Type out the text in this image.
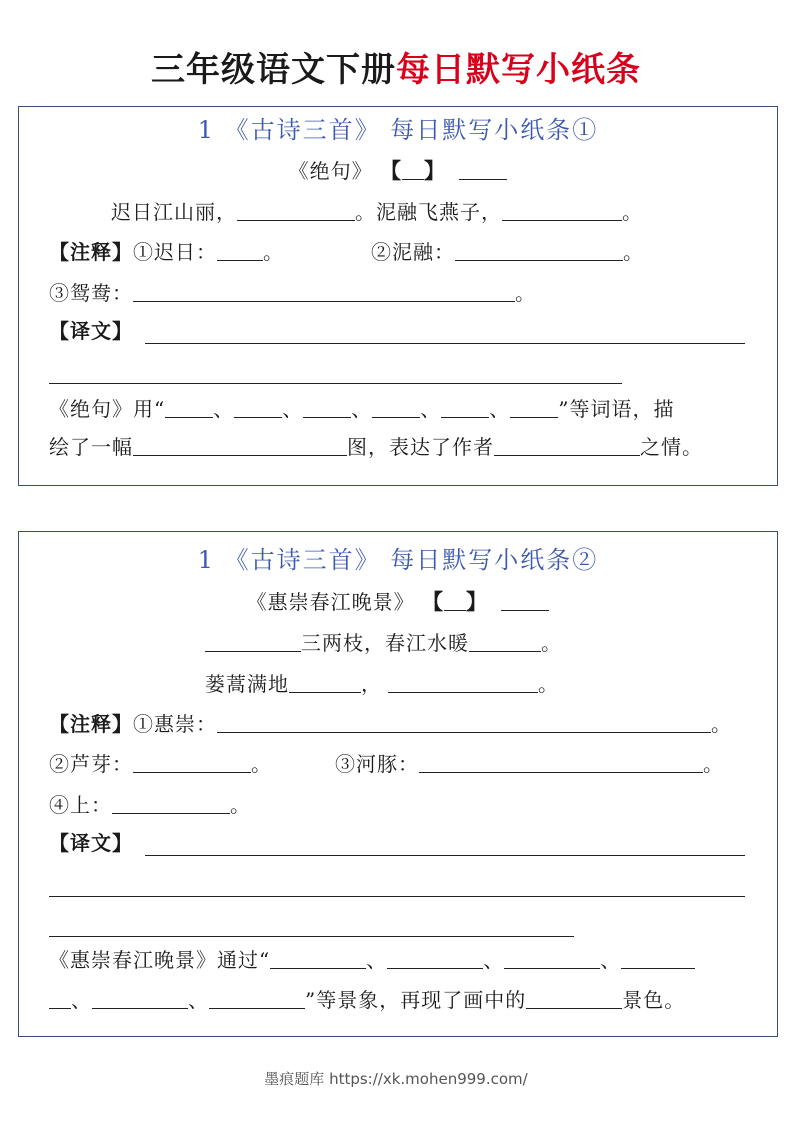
三年级语文下册每日默写小纸条
1 《古诗三首》 每日默写小纸条①
《绝句》 【 】
迟日江山丽，	。泥融飞燕子，	。
【注释】①迟日： 。	②泥融：	。
③鸳鸯：	。
【译文】
《绝句》用“ 、 、 、 、 、 ”等词语，描
绘了一幅	图，表达了作者	之情。
1 《古诗三首》 每日默写小纸条②
《惠崇春江晚景》 【 】
三两枝，春江水暖	。
蒌蒿满地	，	。
【注释】①惠崇：	。
②芦芽：	。	③河豚：	。
④上：	。
【译文】
《惠崇春江晚景》通过“	、	、	、
、	、	”等景象，再现了画中的	景色。
墨痕题库 https://xk.mohen999.com/
